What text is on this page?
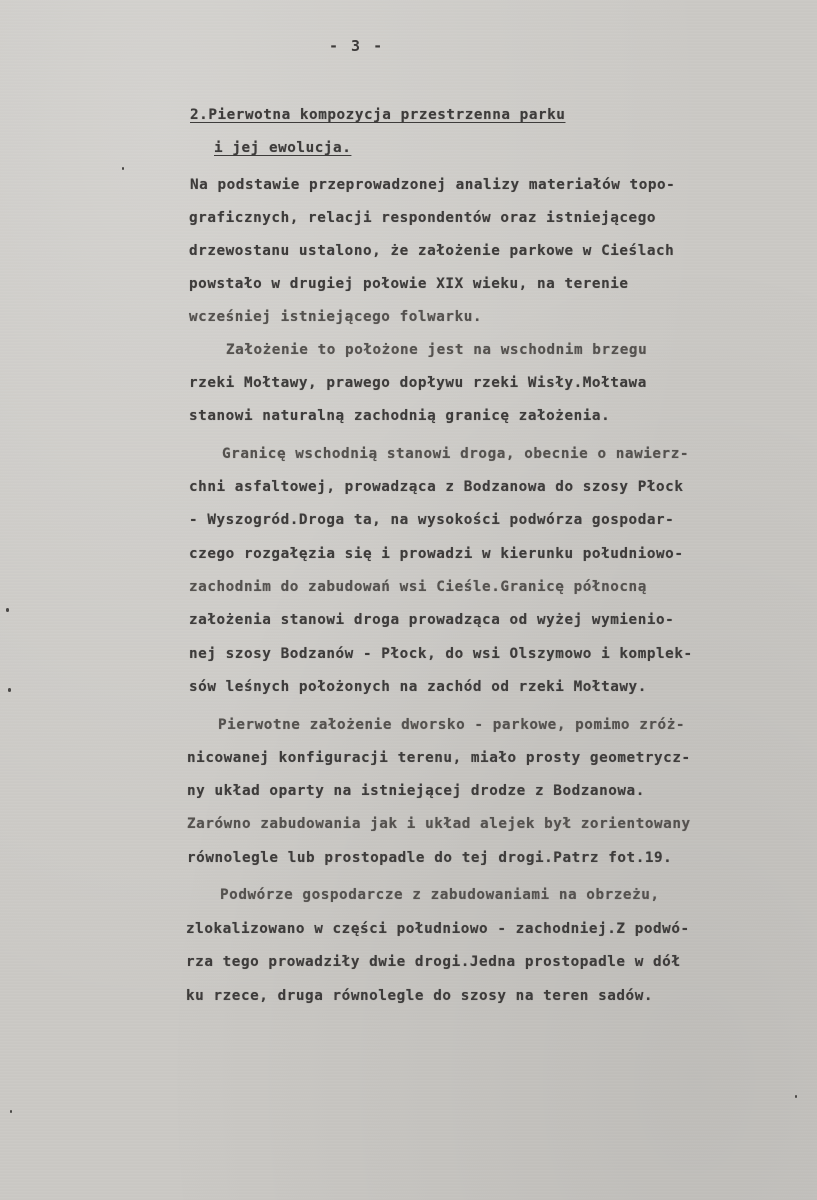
- 3 -

2.Pierwotna kompozycja przestrzenna parku

i jej ewolucja.

Na podstawie przeprowadzonej analizy materiałów topo-

graficznych, relacji respondentów oraz istniejącego

drzewostanu ustalono, że założenie parkowe w Cieślach

powstało w drugiej połowie XIX wieku, na terenie

wcześniej istniejącego folwarku.

Założenie to położone jest na wschodnim brzegu

rzeki Mołtawy, prawego dopływu rzeki Wisły.Mołtawa

stanowi naturalną zachodnią granicę założenia.

Granicę wschodnią stanowi droga, obecnie o nawierz-

chni asfaltowej, prowadząca z Bodzanowa do szosy Płock

- Wyszogród.Droga ta, na wysokości podwórza gospodar-

czego rozgałęzia się i prowadzi w kierunku południowo-

zachodnim do zabudowań wsi Cieśle.Granicę północną

założenia stanowi droga prowadząca od wyżej wymienio-

nej szosy Bodzanów - Płock, do wsi Olszymowo i komplek-

sów leśnych położonych na zachód od rzeki Mołtawy.

Pierwotne założenie dworsko - parkowe, pomimo zróż-

nicowanej konfiguracji terenu, miało prosty geometrycz-

ny układ oparty na istniejącej drodze z Bodzanowa.

Zarówno zabudowania jak i układ alejek był zorientowany

równolegle lub prostopadle do tej drogi.Patrz fot.19.

Podwórze gospodarcze z zabudowaniami na obrzeżu,

zlokalizowano w części południowo - zachodniej.Z podwó-

rza tego prowadziły dwie drogi.Jedna prostopadle w dół

ku rzece, druga równolegle do szosy na teren sadów.
